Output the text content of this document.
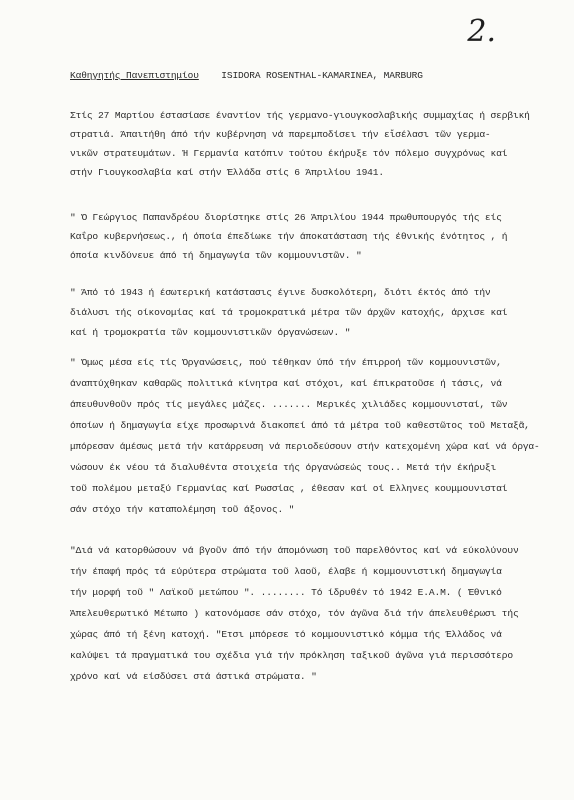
2.
Καθηγητής Πανεπιστημίου ISIDORA ROSENTHAL-KAMARINEA, MARBURG
Στίς 27 Μαρτίου έστασίασε έναντίον τής γερμανο-γιουγκοσλαβικής συμμαχίας ή σερβική
στρατιά. Άπαιτήθη άπό τήν κυβέρνηση νά παρεμποδίσει τήν εἴσέλασι τῶν γερμα-
νικῶν στρατευμάτων. Ή Γερμανία κατόπιν τούτου έκήρυξε τόν πόλεμο συγχρόνως καί
στήν Γιουγκοσλαβία καί στήν Έλλάδα στίς 6 Άπριλίου 1941.
" Ό Γεώργιος Παπανδρέου διορίστηκε στίς 26 Άπριλίου 1944 πρωθυπουργός τής είς
Καΐρο κυβερνήσεως., ή όποία έπεδίωκε τήν άποκατάσταση τής έθνικής ένότητος , ή
όποία κινδύνευε άπό τή δημαγωγία τῶν κομμουνιστῶν. "
" Άπό τό 1943 ή έσωτερική κατάστασις έγινε δυσκολότερη, διότι έκτός άπό τήν
διάλυσι τής οίκονομίας καί τά τρομοκρατικά μέτρα τῶν άρχῶν κατοχής, άρχισε καί
καί ή τρομοκρατία τῶν κομμουνιστικῶν όργανώσεων. "
" Όμως μέσα είς τίς Όργανώσεις, πού τέθηκαν ύπό τήν έπιρροή τῶν κομμουνιστῶν,
άναπτύχθηκαν καθαρῶς πολιτικά κίνητρα καί στόχοι, καί έπικρατοῦσε ή τάσις, νά
άπευθυνθοῦν πρός τίς μεγάλες μάζες. ....... Μερικές χιλιάδες κομμουνισταί, τῶν
όποίων ή δημαγωγία είχε προσωρινά διακοπεί άπό τά μέτρα τοῦ καθεστῶτος τοῦ Μεταξᾶ,
μπόρεσαν άμέσως μετά τήν κατάρρευση νά περιοδεύσουν στήν κατεχομένη χώρα καί νά όργα-
νώσουν έκ νέου τά διαλυθέντα στοιχεία τής όργανώσεώς τους.. Μετά τήν έκήρυξι
τοῦ πολέμου μεταξύ Γερμανίας καί Ρωσσίας , έθεσαν καί οί Ελληνες κουμμουνισταί
σάν στόχο τήν καταπολέμηση τοῦ άξονος. "
"Διά νά κατορθώσουν νά βγοῦν άπό τήν άπομόνωση τοῦ παρελθόντος καί νά εύκολύνουν
τήν έπαφή πρός τά εύρύτερα στρώματα τοῦ λαοῦ, έλαβε ή κομμουνιστική δημαγωγία
τήν μορφή τοῦ " Λαϊκοῦ μετώπου ". ........ Τό ίδρυθέν τό 1942 Ε.Α.Μ. ( Έθνικό
Άπελευθερωτικό Μέτωπο ) κατονόμασε σάν στόχο, τόν άγῶνα διά τήν άπελευθέρωσι τής
χώρας άπό τή ξένη κατοχή. "Ετσι μπόρεσε τό κομμουνιστικό κόμμα τής Έλλάδος νά
καλύψει τά πραγματικά του σχέδια γιά τήν πρόκληση ταξικοῦ άγῶνα γιά περισσότερο
χρόνο καί νά είσδύσει στά άστικά στρώματα. "
